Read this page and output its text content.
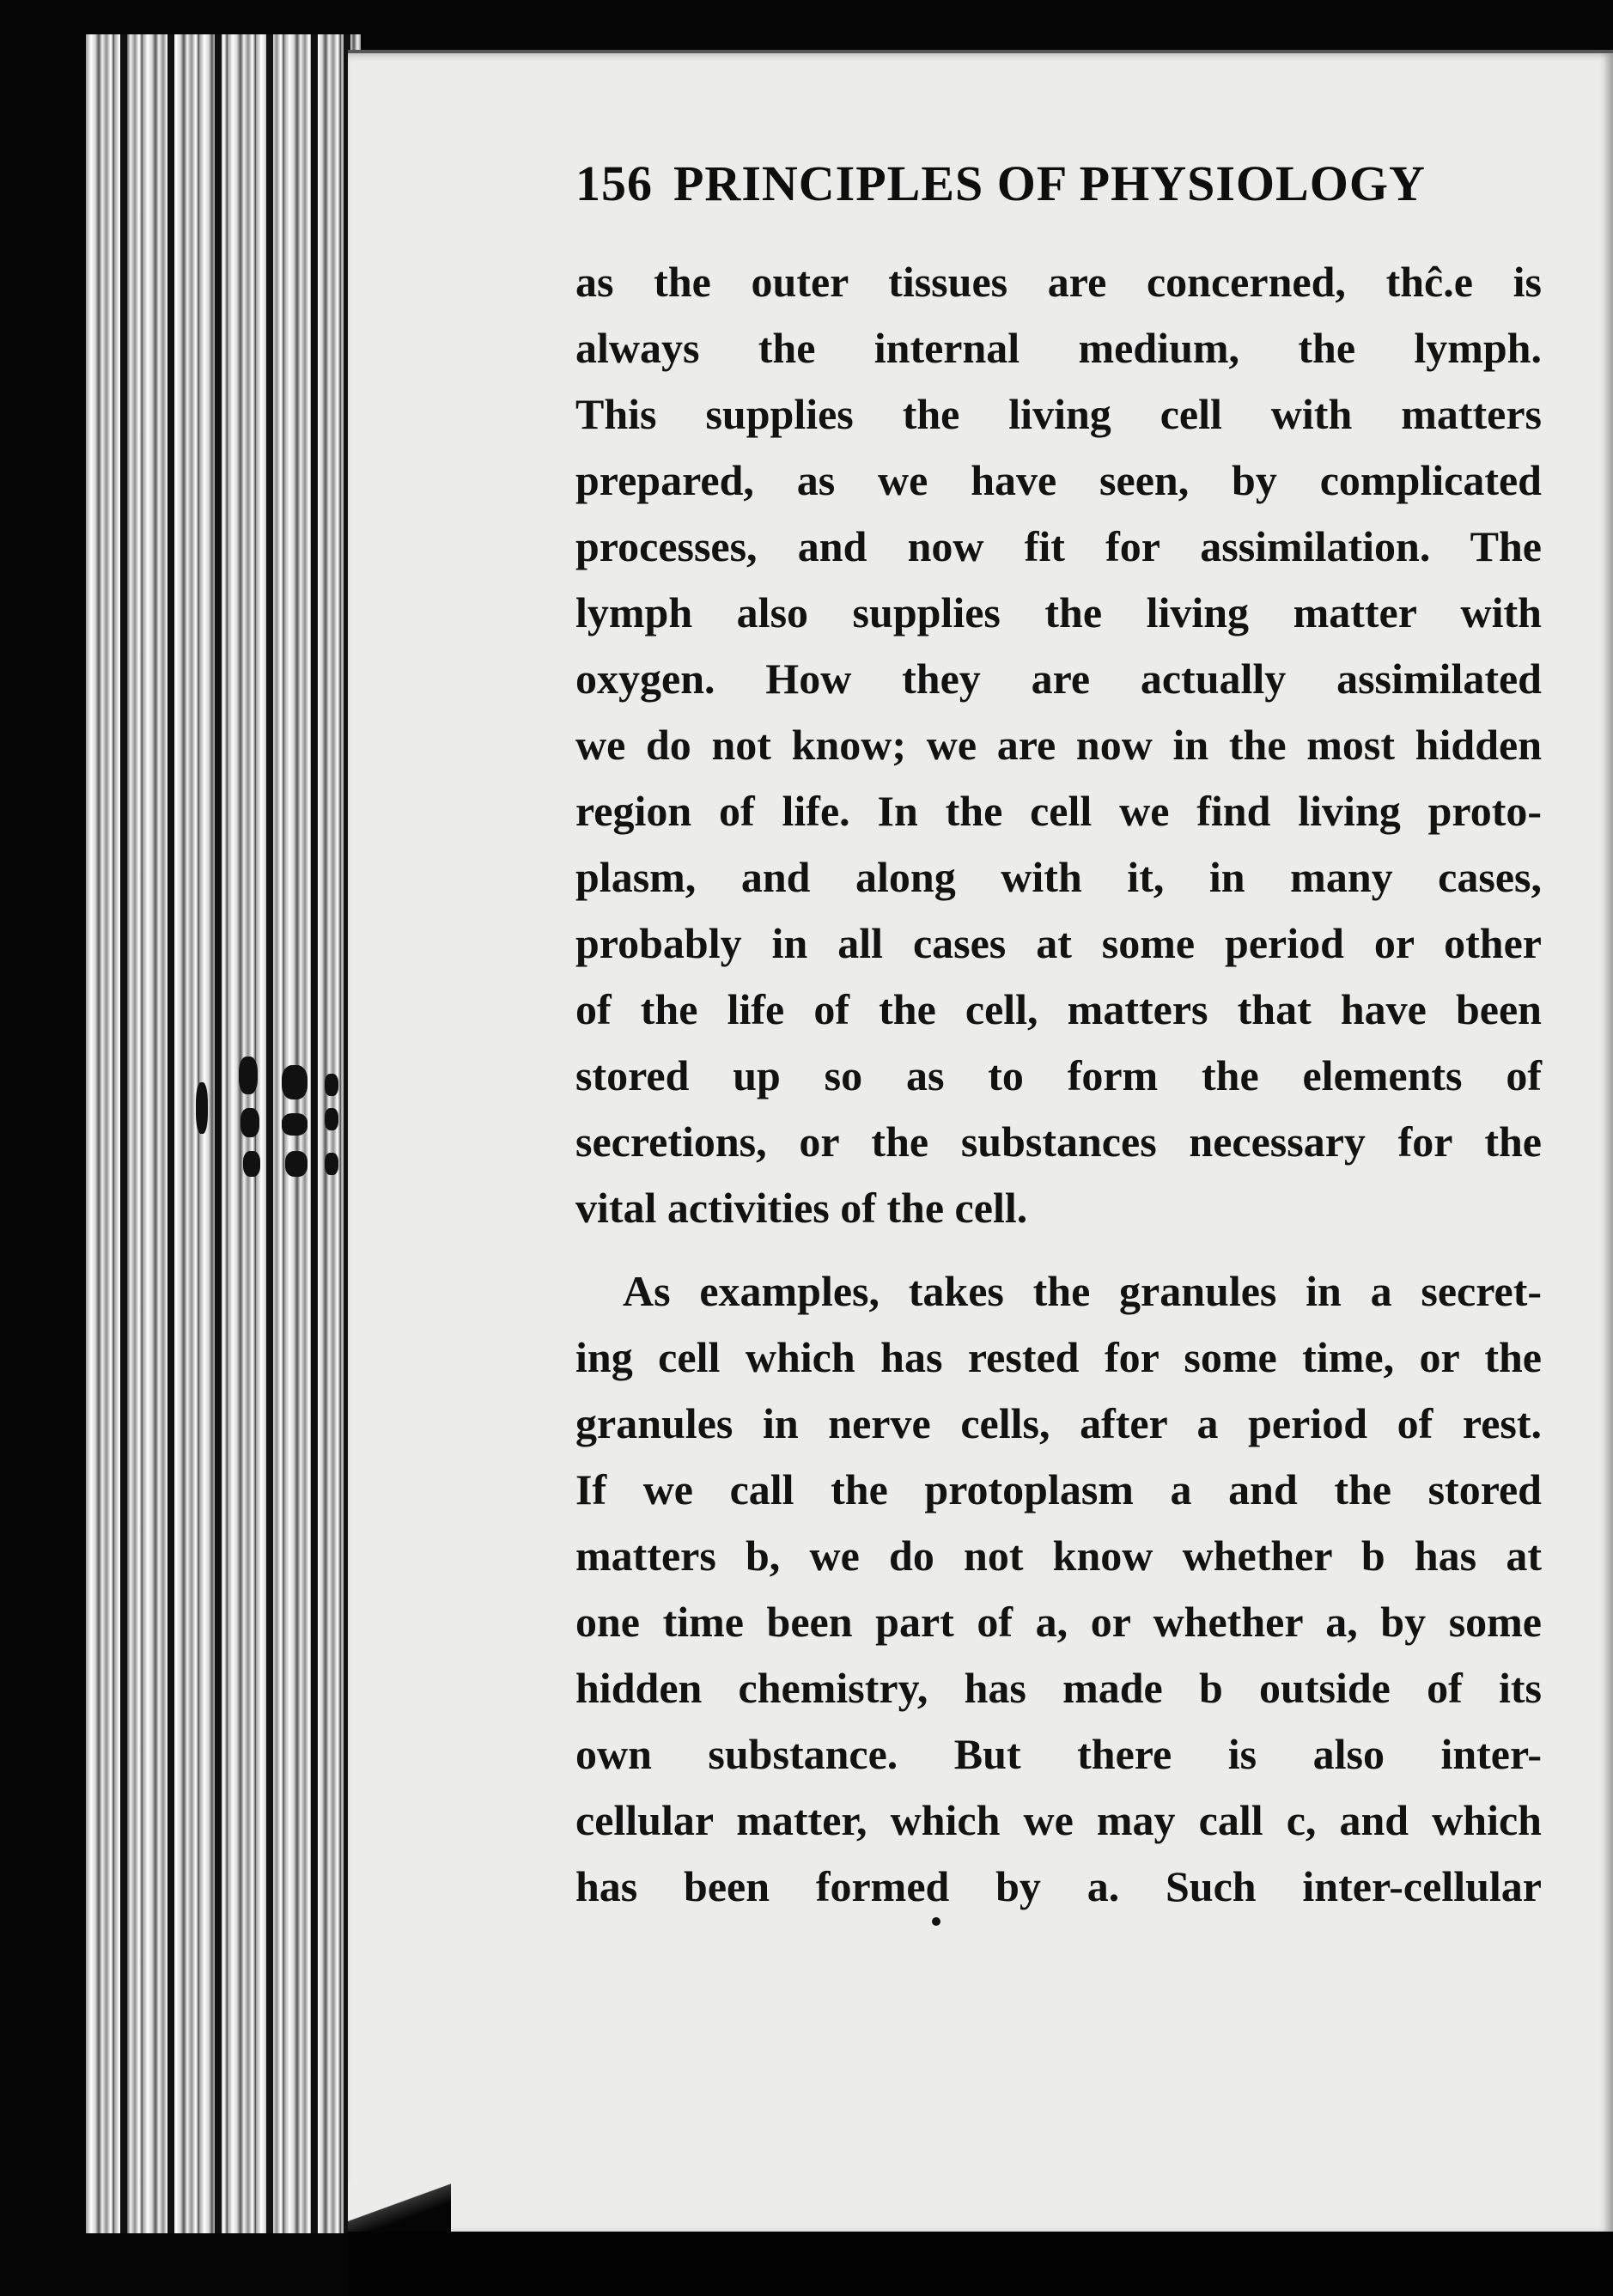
156 PRINCIPLES OF PHYSIOLOGY
as the outer tissues are concerned, thĉ.e is
always the internal medium, the lymph.
This supplies the living cell with matters
prepared, as we have seen, by complicated
processes, and now fit for assimilation. The
lymph also supplies the living matter with
oxygen. How they are actually assimilated
we do not know; we are now in the most hidden
region of life. In the cell we find living proto-
plasm, and along with it, in many cases,
probably in all cases at some period or other
of the life of the cell, matters that have been
stored up so as to form the elements of
secretions, or the substances necessary for the
vital activities of the cell.
As examples, takes the granules in a secret-
ing cell which has rested for some time, or the
granules in nerve cells, after a period of rest.
If we call the protoplasm a and the stored
matters b, we do not know whether b has at
one time been part of a, or whether a, by some
hidden chemistry, has made b outside of its
own substance. But there is also inter-
cellular matter, which we may call c, and which
has been formed by a. Such inter-cellular
